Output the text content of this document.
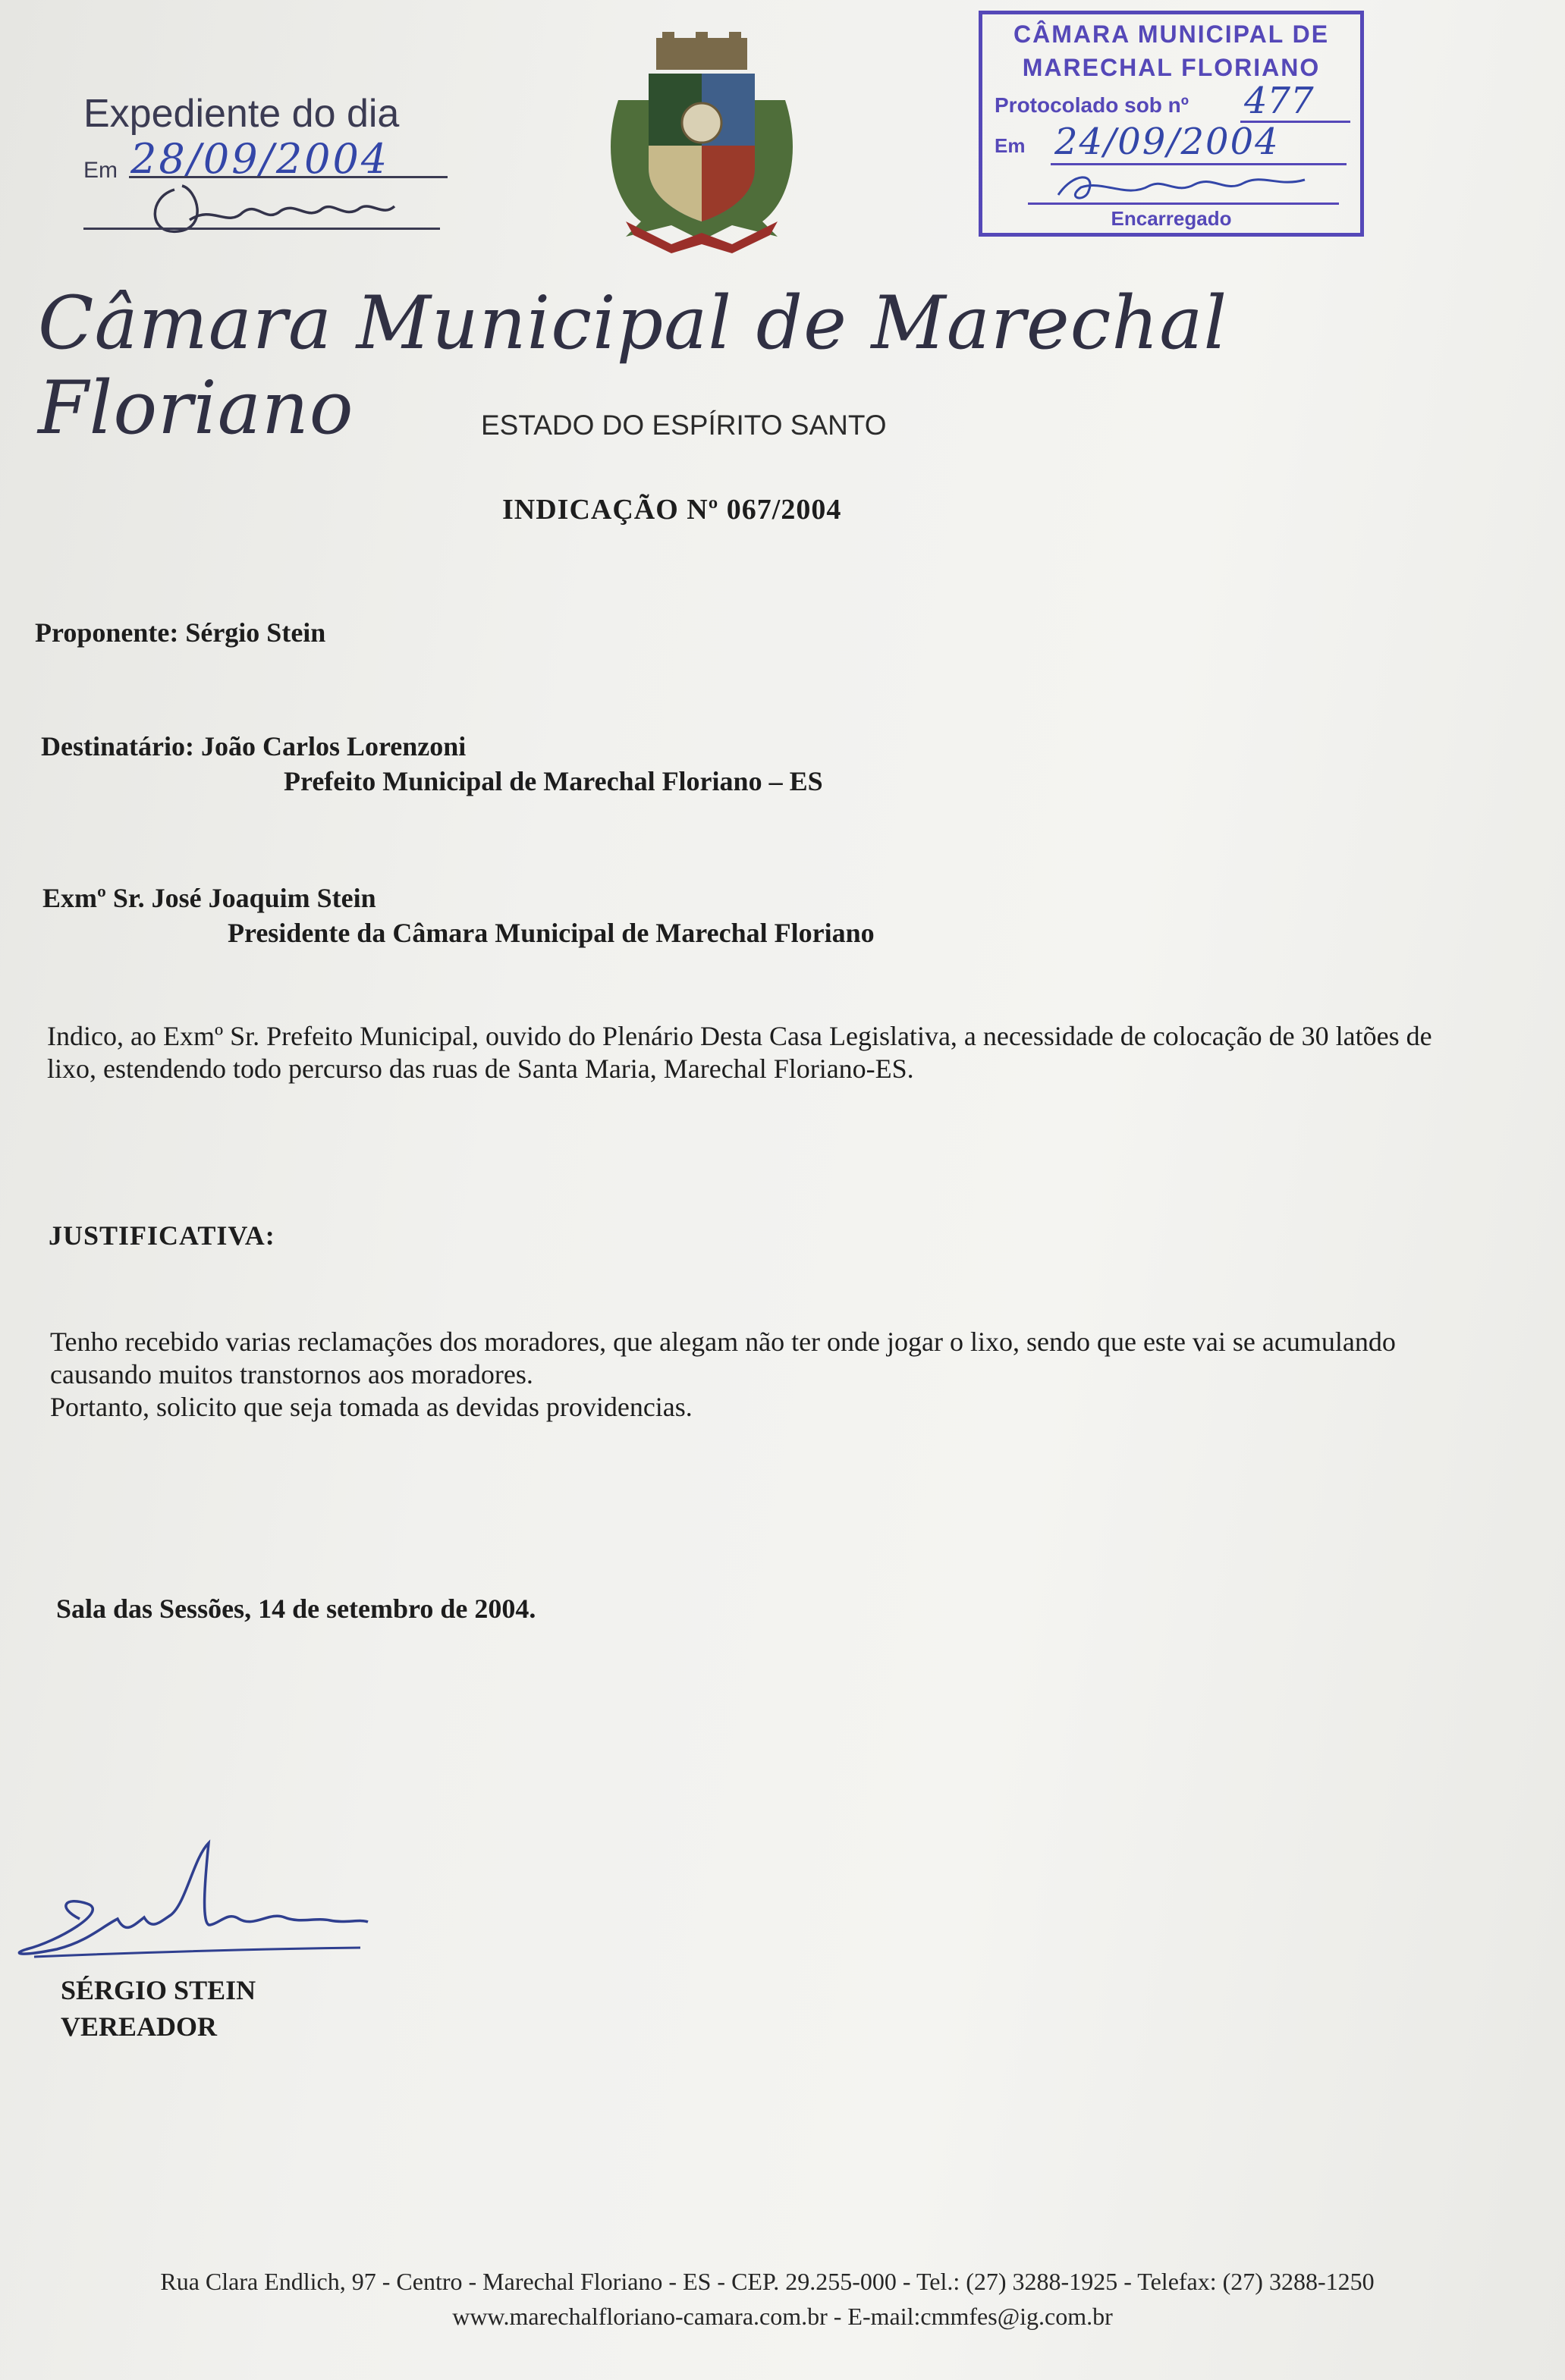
Expediente do dia
Em 28/09/2004
CÂMARA MUNICIPAL DE
MARECHAL FLORIANO
Protocolado sob nº 477
Em 24/09/2004
Encarregado
Câmara Municipal de Marechal Floriano	ESTADO DO ESPÍRITO SANTO
INDICAÇÃO Nº 067/2004
Proponente: Sérgio Stein
Destinatário: João Carlos Lorenzoni
Prefeito Municipal de Marechal Floriano – ES
Exmº Sr. José Joaquim Stein
Presidente da Câmara Municipal de Marechal Floriano
Indico, ao Exmº Sr. Prefeito Municipal, ouvido do Plenário Desta Casa Legislativa, a necessidade de colocação de 30 latões de lixo, estendendo todo percurso das ruas de Santa Maria, Marechal Floriano-ES.
JUSTIFICATIVA:
Tenho recebido varias reclamações dos moradores, que alegam não ter onde jogar o lixo, sendo que este vai se acumulando causando muitos transtornos aos moradores.
Portanto, solicito que seja tomada as devidas providencias.
Sala das Sessões, 14 de setembro de 2004.
SÉRGIO STEIN
VEREADOR
Rua Clara Endlich, 97 - Centro - Marechal Floriano - ES - CEP. 29.255-000 - Tel.: (27) 3288-1925 - Telefax: (27) 3288-1250
www.marechalfloriano-camara.com.br - E-mail:cmmfes@ig.com.br
